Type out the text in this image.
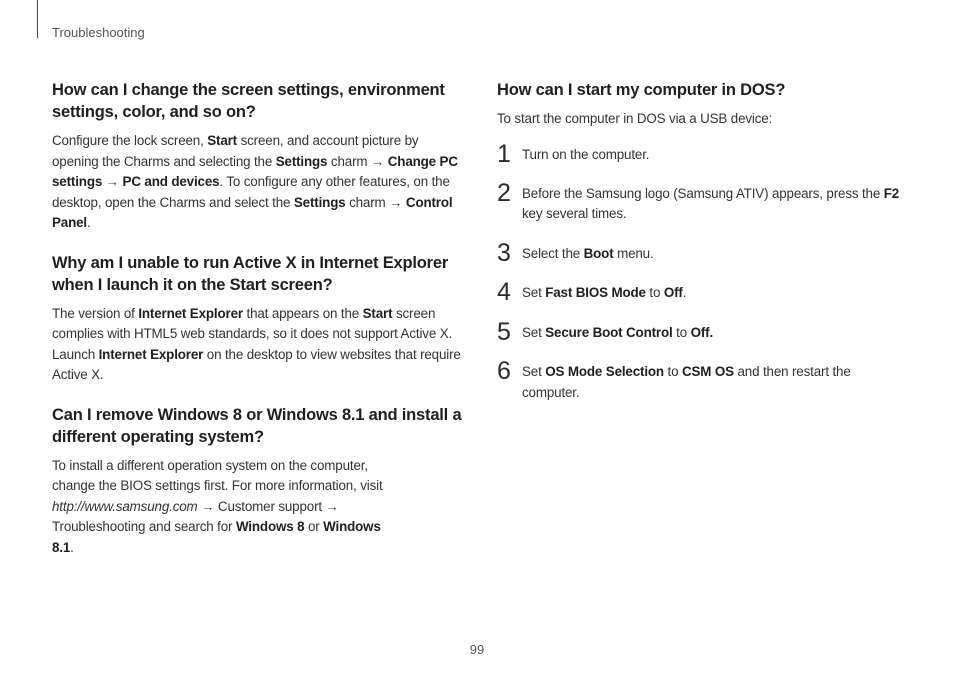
Troubleshooting
How can I change the screen settings, environment settings, color, and so on?

Configure the lock screen, Start screen, and account picture by opening the Charms and selecting the Settings charm → Change PC settings → PC and devices. To configure any other features, on the desktop, open the Charms and select the Settings charm → Control Panel.

Why am I unable to run Active X in Internet Explorer when I launch it on the Start screen?

The version of Internet Explorer that appears on the Start screen complies with HTML5 web standards, so it does not support Active X. Launch Internet Explorer on the desktop to view websites that require Active X.

Can I remove Windows 8 or Windows 8.1 and install a different operating system?

To install a different operation system on the computer, change the BIOS settings first. For more information, visit http://www.samsung.com → Customer support → Troubleshooting and search for Windows 8 or Windows 8.1.

How can I start my computer in DOS?

To start the computer in DOS via a USB device:

1 Turn on the computer.
2 Before the Samsung logo (Samsung ATIV) appears, press the F2 key several times.
3 Select the Boot menu.
4 Set Fast BIOS Mode to Off.
5 Set Secure Boot Control to Off.
6 Set OS Mode Selection to CSM OS and then restart the computer.
99
